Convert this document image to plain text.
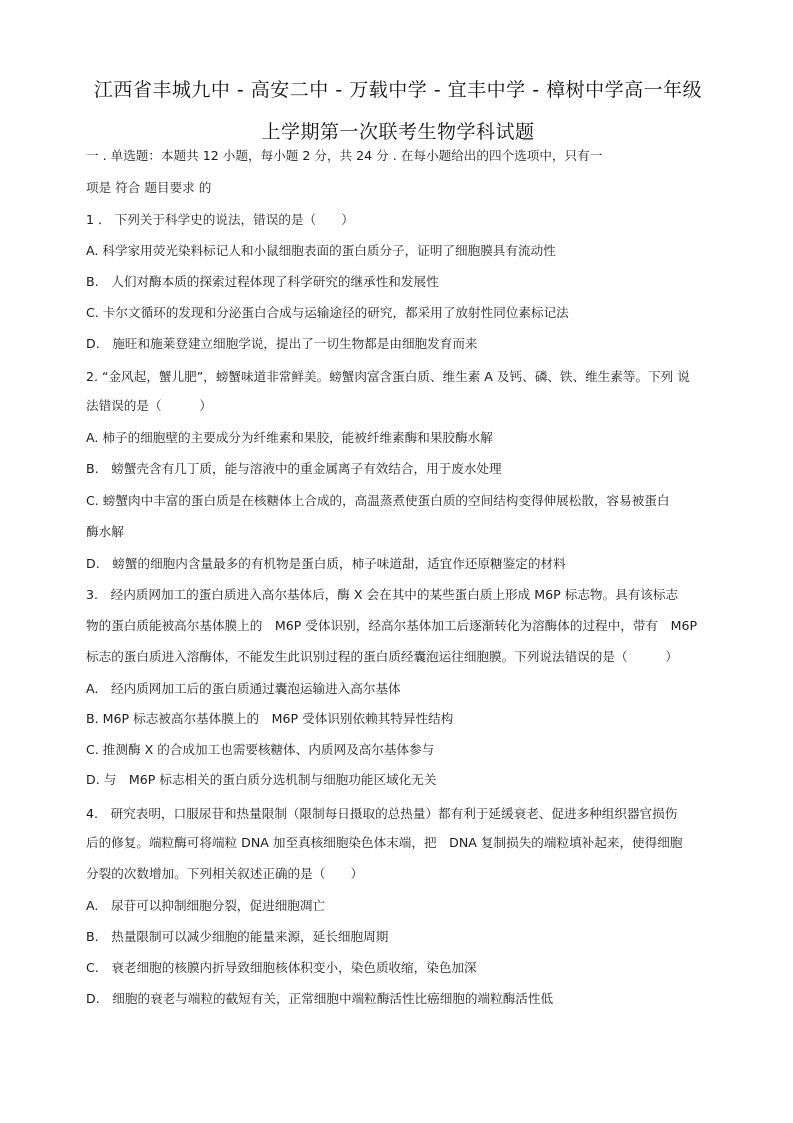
江西省丰城九中 - 高安二中 - 万载中学 - 宜丰中学 - 樟树中学高一年级
上学期第一次联考生物学科试题
一 . 单选题：本题共 12 小题，每小题 2 分，共 24 分 . 在每小题给出的四个选项中，只有一
项是 符合 题目要求 的
1 ． 下列关于科学史的说法，错误的是（　　）
A. 科学家用荧光染料标记人和小鼠细胞表面的蛋白质分子，证明了细胞膜具有流动性
B.　人们对酶本质的探索过程体现了科学研究的继承性和发展性
C. 卡尔文循环的发现和分泌蛋白合成与运输途径的研究，都采用了放射性同位素标记法
D.　施旺和施莱登建立细胞学说，提出了一切生物都是由细胞发育而来
2. “金风起，蟹儿肥”，螃蟹味道非常鲜美。螃蟹肉富含蛋白质、维生素 A 及钙、磷、铁、维生素等。下列 说
法错误的是（　　　）
A. 柿子的细胞壁的主要成分为纤维素和果胶，能被纤维素酶和果胶酶水解
B.　螃蟹壳含有几丁质，能与溶液中的重金属离子有效结合，用于废水处理
C. 螃蟹肉中丰富的蛋白质是在核糖体上合成的，高温蒸煮使蛋白质的空间结构变得伸展松散，容易被蛋白
酶水解
D.　螃蟹的细胞内含量最多的有机物是蛋白质，柿子味道甜，适宜作还原糖鉴定的材料
3.　经内质网加工的蛋白质进入高尔基体后，酶 X 会在其中的某些蛋白质上形成 M6P 标志物。具有该标志
物的蛋白质能被高尔基体膜上的　M6P 受体识别，经高尔基体加工后逐渐转化为溶酶体的过程中，带有　M6P
标志的蛋白质进入溶酶体，不能发生此识别过程的蛋白质经囊泡运往细胞膜。下列说法错误的是（　　　）
A.　经内质网加工后的蛋白质通过囊泡运输进入高尔基体
B. M6P 标志被高尔基体膜上的　M6P 受体识别依赖其特异性结构
C. 推测酶 X 的合成加工也需要核糖体、内质网及高尔基体参与
D. 与　M6P 标志相关的蛋白质分选机制与细胞功能区域化无关
4.　研究表明，口服尿苷和热量限制（限制每日摄取的总热量）都有利于延缓衰老、促进多种组织器官损伤
后的修复。端粒酶可将端粒 DNA 加至真核细胞染色体末端，把　DNA 复制损失的端粒填补起来，使得细胞
分裂的次数增加。下列相关叙述正确的是（　　）
A.　尿苷可以抑制细胞分裂，促进细胞凋亡
B.　热量限制可以减少细胞的能量来源，延长细胞周期
C.　衰老细胞的核膜内折导致细胞核体积变小，染色质收缩，染色加深
D.　细胞的衰老与端粒的截短有关，正常细胞中端粒酶活性比癌细胞的端粒酶活性低
